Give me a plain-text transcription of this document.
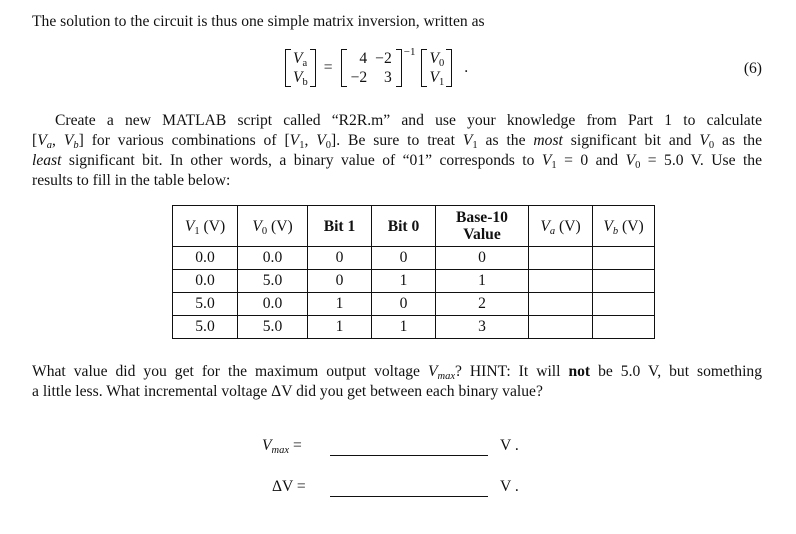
The solution to the circuit is thus one simple matrix inversion, written as
$V_a$
$V_b$
=
4
−2
−2
3
$^{-1}$ $V_0$
$V_1$
.	(6)
Create a new MATLAB script called “R2R.m” and use your knowledge from Part 1 to calculate
[$V_a$, $V_b$] for various combinations of [$V_1$, $V_0$]. Be sure to treat $V_1$ as the most significant bit and $V_0$ as the
least significant bit. In other words, a binary value of “01” corresponds to $V_1 = 0$ and $V_0 = 5.0$ V. Use the
results to fill in the table below:
$V_1$ (V)	$V_0$ (V)	Bit 1	Bit 0	Base-10 Value	$V_a$ (V)	$V_b$ (V)
0.0	0.0	0	0	0		
0.0	5.0	0	1	1		
5.0	0.0	1	0	2		
5.0	5.0	1	1	3		
What value did you get for the maximum output voltage $V_{max}$? HINT: It will not be 5.0 V, but something
a little less. What incremental voltage ΔV did you get between each binary value?
$V_{max}$ =	V .
ΔV =	V .
